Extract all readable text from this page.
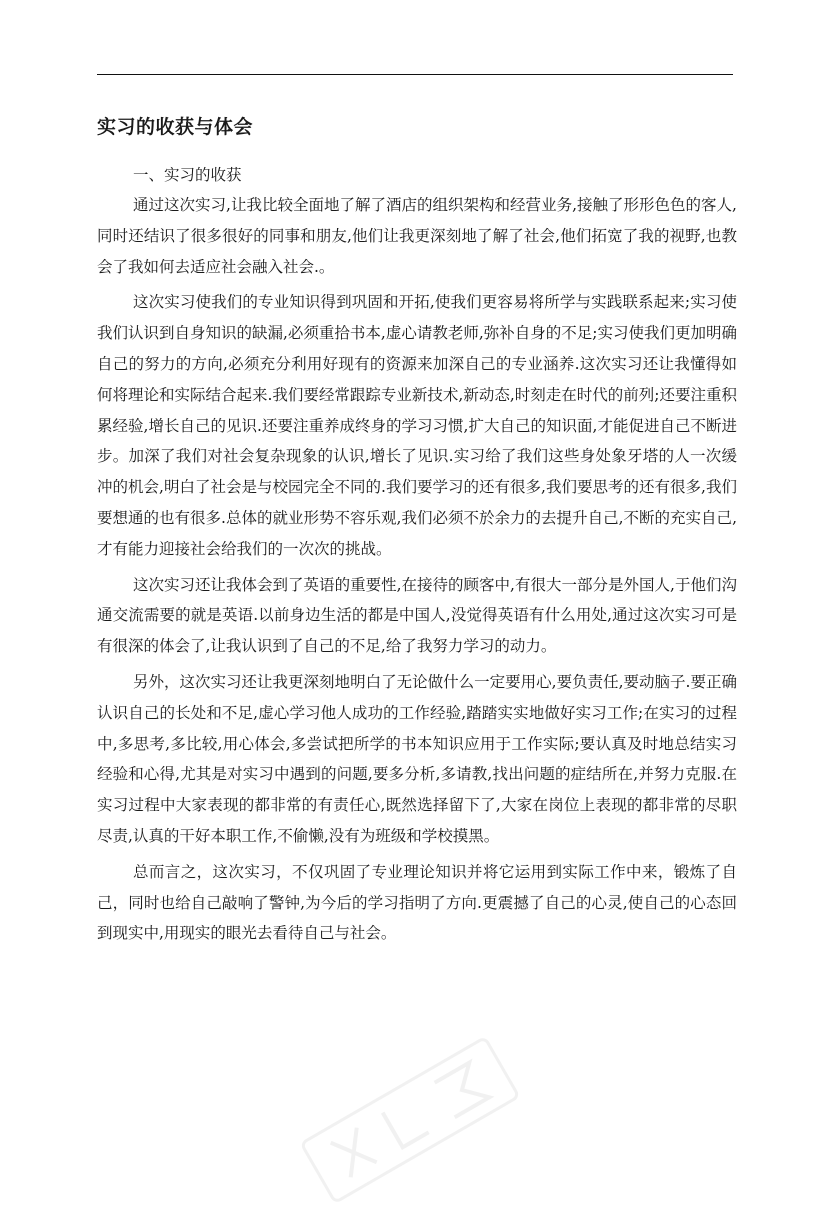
实习的收获与体会
一、实习的收获

通过这次实习,让我比较全面地了解了酒店的组织架构和经营业务,接触了形形色色的客人,同时还结识了很多很好的同事和朋友,他们让我更深刻地了解了社会,他们拓宽了我的视野,也教会了我如何去适应社会融入社会.。

这次实习使我们的专业知识得到巩固和开拓,使我们更容易将所学与实践联系起来;实习使我们认识到自身知识的缺漏,必须重拾书本,虚心请教老师,弥补自身的不足;实习使我们更加明确自己的努力的方向,必须充分利用好现有的资源来加深自己的专业涵养.这次实习还让我懂得如何将理论和实际结合起来.我们要经常跟踪专业新技术,新动态,时刻走在时代的前列;还要注重积累经验,增长自己的见识.还要注重养成终身的学习习惯,扩大自己的知识面,才能促进自己不断进步。加深了我们对社会复杂现象的认识,增长了见识.实习给了我们这些身处象牙塔的人一次缓冲的机会,明白了社会是与校园完全不同的.我们要学习的还有很多,我们要思考的还有很多,我们要想通的也有很多.总体的就业形势不容乐观,我们必须不於余力的去提升自己,不断的充实自己,才有能力迎接社会给我们的一次次的挑战。

这次实习还让我体会到了英语的重要性,在接待的顾客中,有很大一部分是外国人,于他们沟通交流需要的就是英语.以前身边生活的都是中国人,没觉得英语有什么用处,通过这次实习可是有很深的体会了,让我认识到了自己的不足,给了我努力学习的动力。

另外，这次实习还让我更深刻地明白了无论做什么一定要用心,要负责任,要动脑子.要正确认识自己的长处和不足,虚心学习他人成功的工作经验,踏踏实实地做好实习工作;在实习的过程中,多思考,多比较,用心体会,多尝试把所学的书本知识应用于工作实际;要认真及时地总结实习经验和心得,尤其是对实习中遇到的问题,要多分析,多请教,找出问题的症结所在,并努力克服.在实习过程中大家表现的都非常的有责任心,既然选择留下了,大家在岗位上表现的都非常的尽职尽责,认真的干好本职工作,不偷懒,没有为班级和学校摸黑。

总而言之，这次实习，不仅巩固了专业理论知识并将它运用到实际工作中来，锻炼了自己，同时也给自己敲响了警钟,为今后的学习指明了方向.更震撼了自己的心灵,使自己的心态回到现实中,用现实的眼光去看待自己与社会。
